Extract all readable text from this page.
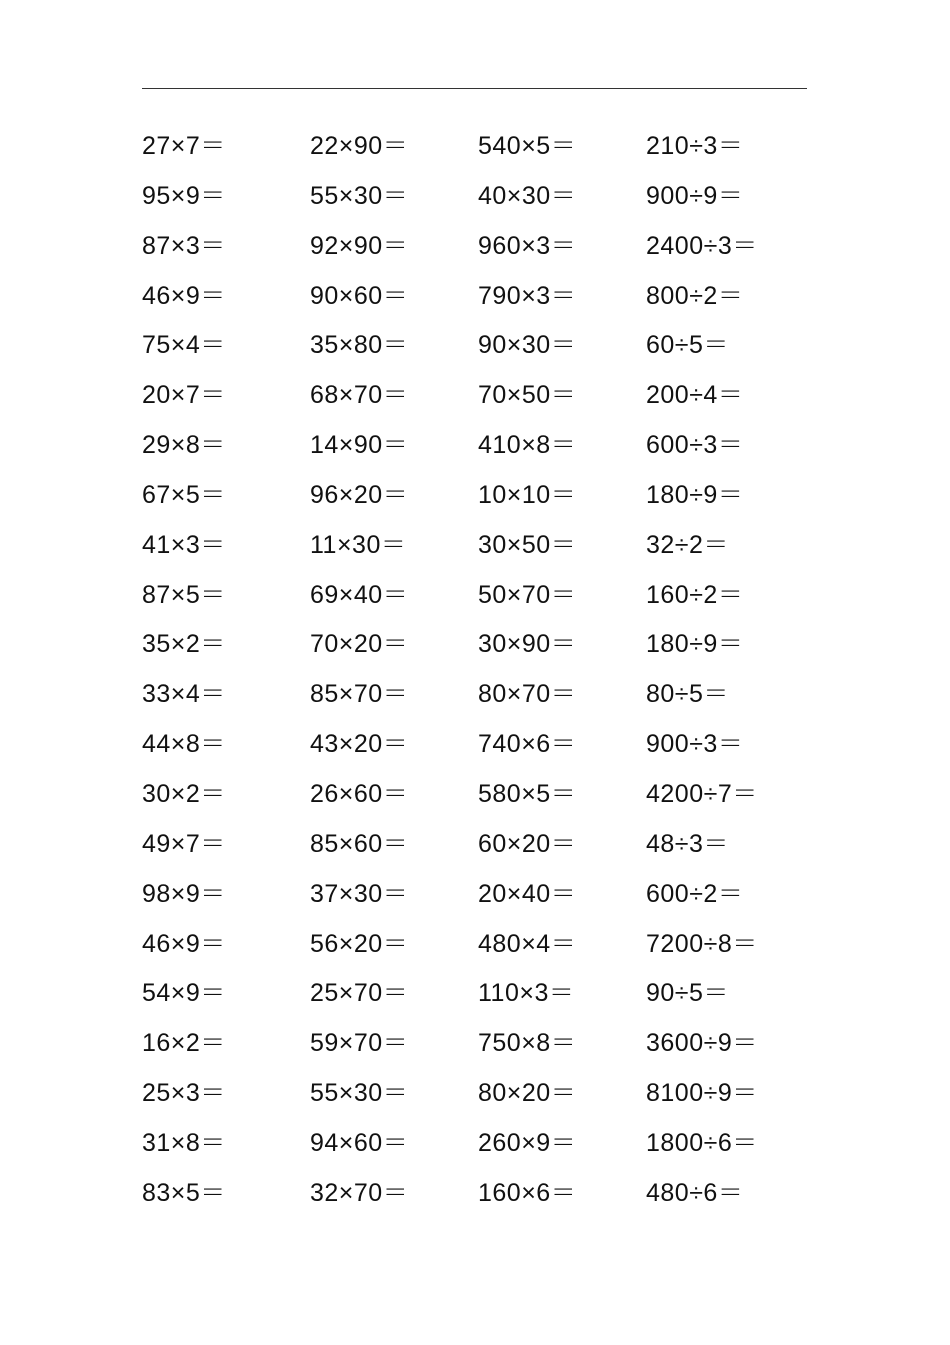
27×7＝	22×90＝	540×5＝	210÷3＝
95×9＝	55×30＝	40×30＝	900÷9＝
87×3＝	92×90＝	960×3＝	2400÷3＝
46×9＝	90×60＝	790×3＝	800÷2＝
75×4＝	35×80＝	90×30＝	60÷5＝
20×7＝	68×70＝	70×50＝	200÷4＝
29×8＝	14×90＝	410×8＝	600÷3＝
67×5＝	96×20＝	10×10＝	180÷9＝
41×3＝	11×30＝	30×50＝	32÷2＝
87×5＝	69×40＝	50×70＝	160÷2＝
35×2＝	70×20＝	30×90＝	180÷9＝
33×4＝	85×70＝	80×70＝	80÷5＝
44×8＝	43×20＝	740×6＝	900÷3＝
30×2＝	26×60＝	580×5＝	4200÷7＝
49×7＝	85×60＝	60×20＝	48÷3＝
98×9＝	37×30＝	20×40＝	600÷2＝
46×9＝	56×20＝	480×4＝	7200÷8＝
54×9＝	25×70＝	110×3＝	90÷5＝
16×2＝	59×70＝	750×8＝	3600÷9＝
25×3＝	55×30＝	80×20＝	8100÷9＝
31×8＝	94×60＝	260×9＝	1800÷6＝
83×5＝	32×70＝	160×6＝	480÷6＝
